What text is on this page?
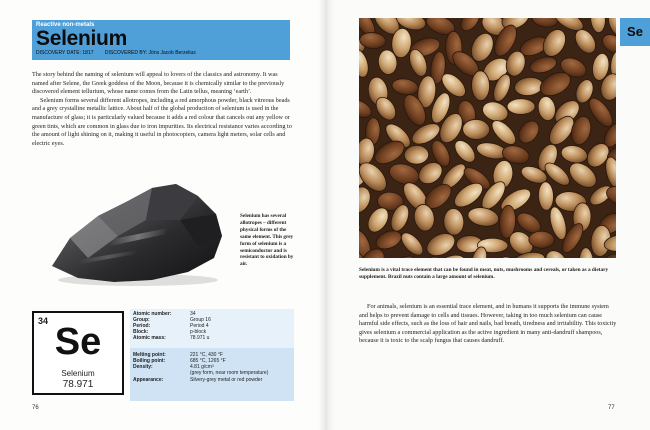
Reactive non-metals
Selenium
DISCOVERY DATE: 1817 DISCOVERED BY: Jöns Jacob Berzelius

The story behind the naming of selenium will appeal to lovers of the classics and astronomy. It was named after Selene, the Greek goddess of the Moon, because it is chemically similar to the previously discovered element tellurium, whose name comes from the Latin tellus, meaning ‘earth’.

Selenium forms several different allotropes, including a red amorphous powder, black vitreous beads and a grey crystalline metallic lattice. About half of the global production of selenium is used in the manufacture of glass; it is particularly valued because it adds a red colour that cancels out any yellow or green tints, which are common in glass due to iron impurities. Its electrical resistance varies according to the amount of light shining on it, making it useful in photocopiers, camera light meters, solar cells and electric eyes.

Selenium has several allotropes – different physical forms of the same element. This grey form of selenium is a semiconductor and is resistant to oxidation by air.
34 Se
Selenium
78.971
Atomic number:	34
Group:	Group 16
Period:	Period 4
Block:	p-block
Atomic mass:	78.971 u
Melting point:	221 °C, 430 °F
Boiling point:	685 °C, 1265 °F
Density:	4.81 g/cm³
(grey form, near room temperature)
Appearance:	Silvery-grey metal or red powder
76
Se
Selenium is a vital trace element that can be found in meat, nuts, mushrooms and cereals, or taken as a dietary supplement. Brazil nuts contain a large amount of selenium.
For animals, selenium is an essential trace element, and in humans it supports the immune system and helps to prevent damage to cells and tissues. However, taking in too much selenium can cause harmful side effects, such as the loss of hair and nails, bad breath, tiredness and irritability. This toxicity gives selenium a commercial application as the active ingredient in many anti-dandruff shampoos, because it is toxic to the scalp fungus that causes dandruff.
77
